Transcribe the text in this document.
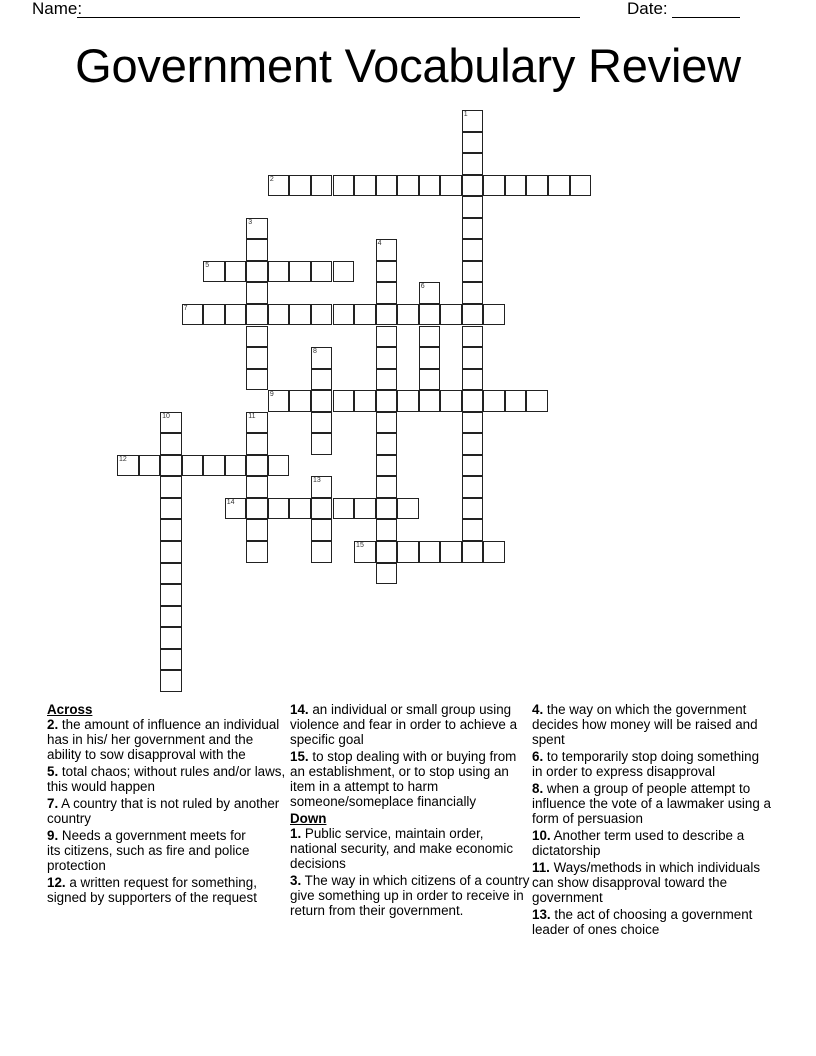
Name:	Date:
Government Vocabulary Review
1
2
3
4
5
6
7
8
9
10	11
12
13
14
15
Across
2. the amount of influence an individual has in his/ her government and the ability to sow disapproval with the
5. total chaos; without rules and/or laws, this would happen
7. A country that is not ruled by another country
9. Needs a government meets for its citizens, such as fire and police protection
12. a written request for something, signed by supporters of the request
14. an individual or small group using violence and fear in order to achieve a specific goal
15. to stop dealing with or buying from an establishment, or to stop using an item in a attempt to harm someone/someplace financially
Down
1. Public service, maintain order, national security, and make economic decisions
3. The way in which citizens of a country give something up in order to receive in return from their government.
4. the way on which the government decides how money will be raised and spent
6. to temporarily stop doing something in order to express disapproval
8. when a group of people attempt to influence the vote of a lawmaker using a form of persuasion
10. Another term used to describe a dictatorship
11. Ways/methods in which individuals can show disapproval toward the government
13. the act of choosing a government leader of ones choice
